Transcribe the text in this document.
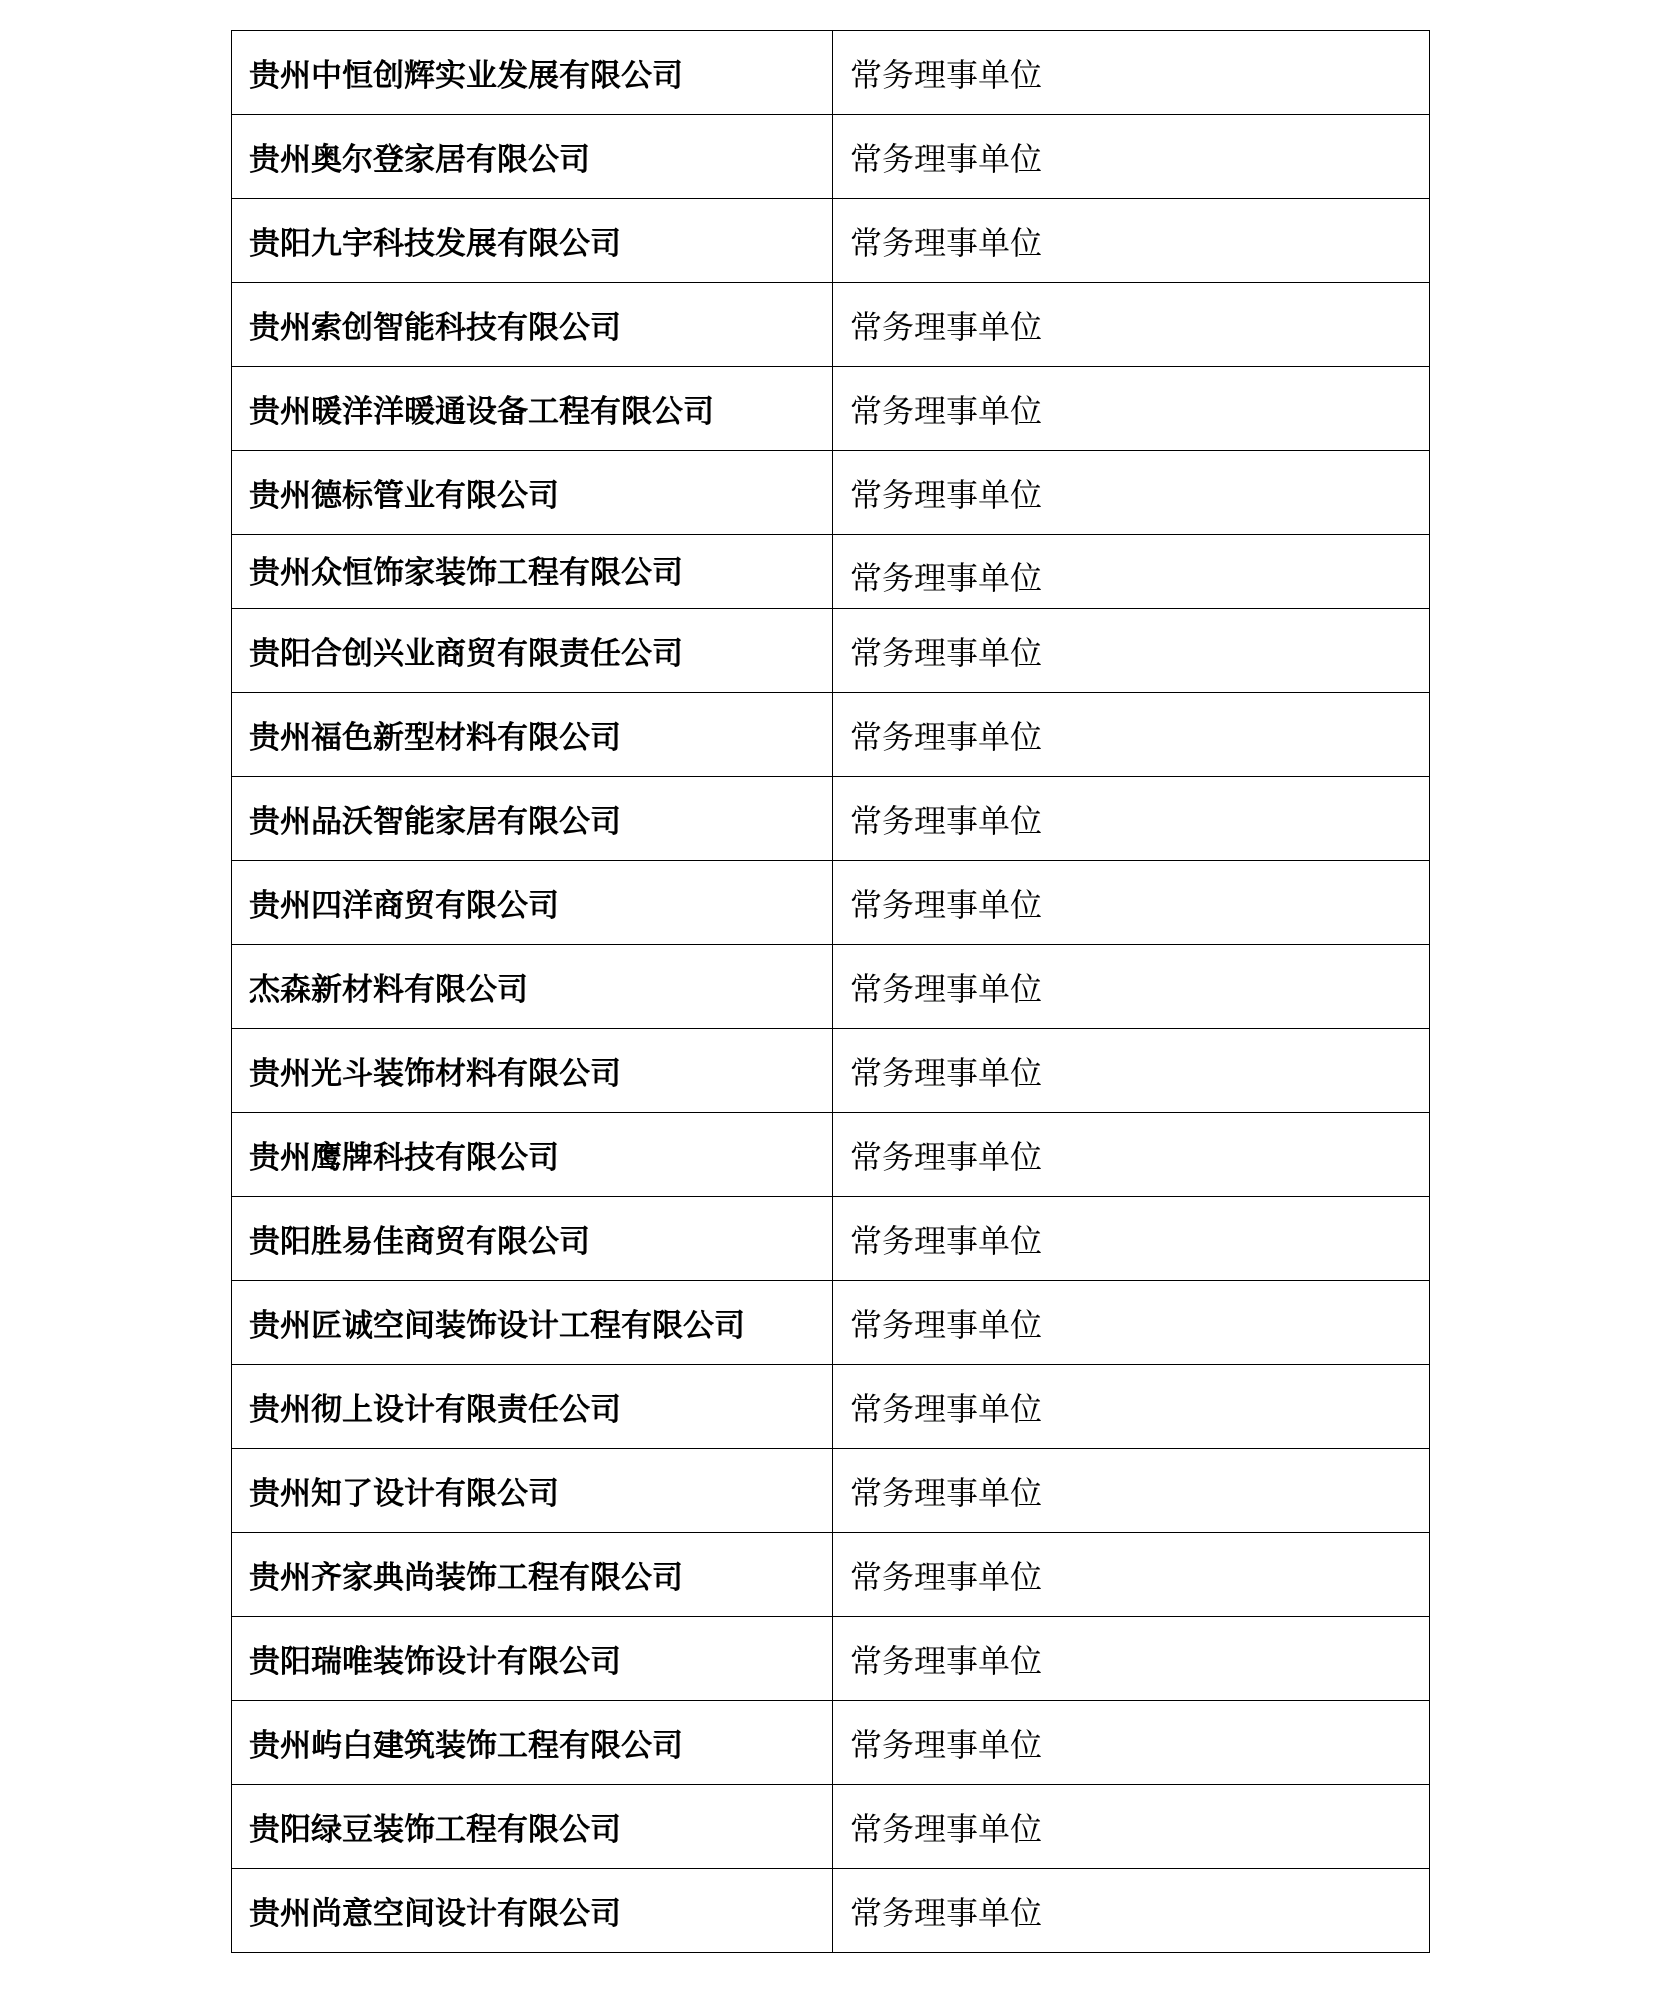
贵州中恒创辉实业发展有限公司	常务理事单位
贵州奥尔登家居有限公司	常务理事单位
贵阳九宇科技发展有限公司	常务理事单位
贵州索创智能科技有限公司	常务理事单位
贵州暖洋洋暖通设备工程有限公司	常务理事单位
贵州德标管业有限公司	常务理事单位
贵州众恒饰家装饰工程有限公司	常务理事单位
贵阳合创兴业商贸有限责任公司	常务理事单位
贵州福色新型材料有限公司	常务理事单位
贵州品沃智能家居有限公司	常务理事单位
贵州四洋商贸有限公司	常务理事单位
杰森新材料有限公司	常务理事单位
贵州光斗装饰材料有限公司	常务理事单位
贵州鹰牌科技有限公司	常务理事单位
贵阳胜易佳商贸有限公司	常务理事单位
贵州匠诚空间装饰设计工程有限公司	常务理事单位
贵州彻上设计有限责任公司	常务理事单位
贵州知了设计有限公司	常务理事单位
贵州齐家典尚装饰工程有限公司	常务理事单位
贵阳瑞唯装饰设计有限公司	常务理事单位
贵州屿白建筑装饰工程有限公司	常务理事单位
贵阳绿豆装饰工程有限公司	常务理事单位
贵州尚意空间设计有限公司	常务理事单位
